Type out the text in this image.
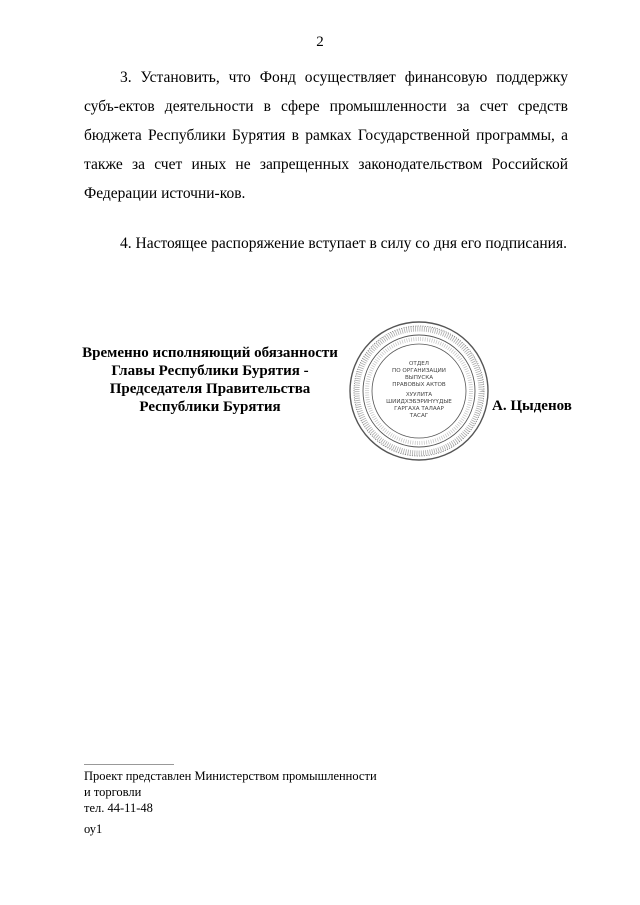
2

3. Установить, что Фонд осуществляет финансовую поддержку субъ-ектов деятельности в сфере промышленности за счет средств бюджета Республики Бурятия в рамках Государственной программы, а также за счет иных не запрещенных законодательством Российской Федерации источни-ков.

4. Настоящее распоряжение вступает в силу со дня его подписания.

Временно исполняющий обязанности
Главы Республики Бурятия -
Председателя Правительства
Республики Бурятия
ОТДЕЛ
ПО ОРГАНИЗАЦИИ
ВЫПУСКА
ПРАВОВЫХ АКТОВ
ХУУЛИТА
ШИИДХЭБЭРИНҮҮДЫЕ
ГАРГАХА ТАЛААР
ТАСАГ
А. Цыденов
Проект представлен Министерством промышленности
и торговли
тел. 44-11-48
оу1
